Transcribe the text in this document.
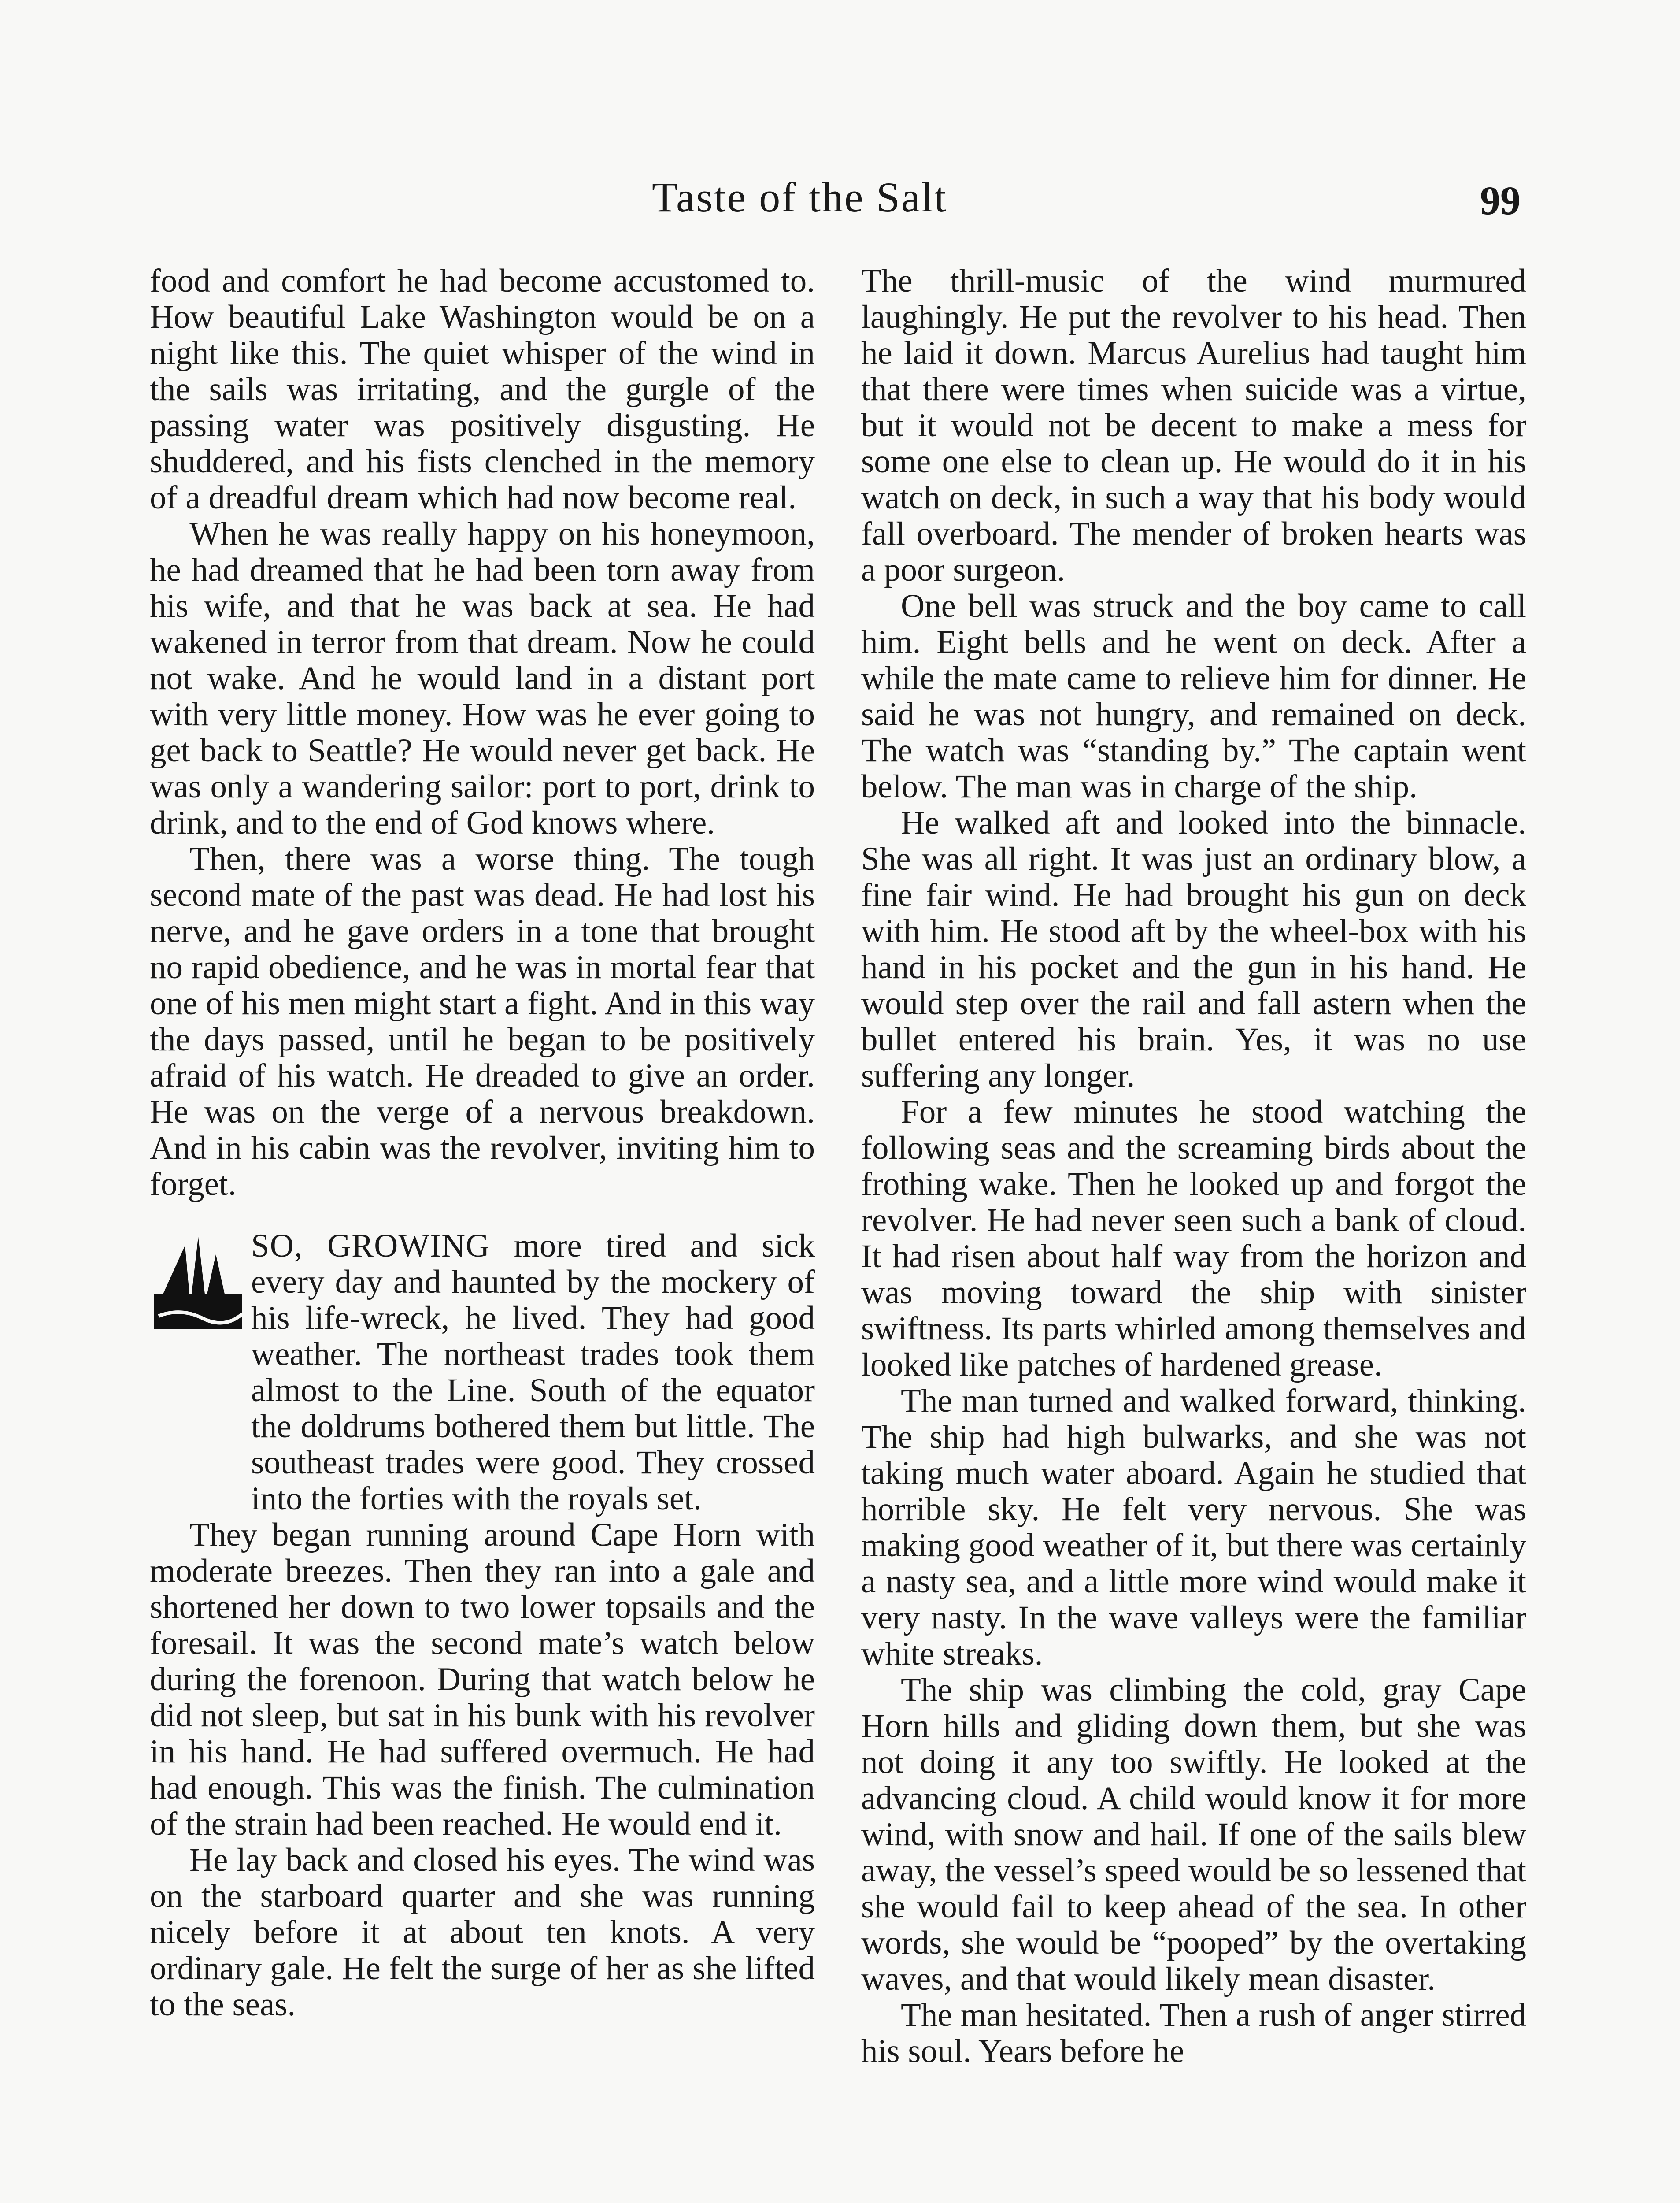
Taste of the Salt	99

food and comfort he had become accustomed to. How beautiful Lake Washington would be on a night like this. The quiet whisper of the wind in the sails was irritating, and the gurgle of the passing water was positively disgusting. He shuddered, and his fists clenched in the memory of a dreadful dream which had now become real.

When he was really happy on his honeymoon, he had dreamed that he had been torn away from his wife, and that he was back at sea. He had wakened in terror from that dream. Now he could not wake. And he would land in a distant port with very little money. How was he ever going to get back to Seattle? He would never get back. He was only a wandering sailor: port to port, drink to drink, and to the end of God knows where.

Then, there was a worse thing. The tough second mate of the past was dead. He had lost his nerve, and he gave orders in a tone that brought no rapid obedience, and he was in mortal fear that one of his men might start a fight. And in this way the days passed, until he began to be positively afraid of his watch. He dreaded to give an order. He was on the verge of a nervous breakdown. And in his cabin was the revolver, inviting him to forget.

SO, GROWING more tired and sick every day and haunted by the mockery of his life-wreck, he lived. They had good weather. The northeast trades took them almost to the Line. South of the equator the doldrums bothered them but little. The southeast trades were good. They crossed into the forties with the royals set.

They began running around Cape Horn with moderate breezes. Then they ran into a gale and shortened her down to two lower topsails and the foresail. It was the second mate’s watch below during the forenoon. During that watch below he did not sleep, but sat in his bunk with his revolver in his hand. He had suffered overmuch. He had had enough. This was the finish. The culmination of the strain had been reached. He would end it.

He lay back and closed his eyes. The wind was on the starboard quarter and she was running nicely before it at about ten knots. A very ordinary gale. He felt the surge of her as she lifted to the seas.

The thrill-music of the wind murmured laughingly. He put the revolver to his head. Then he laid it down. Marcus Aurelius had taught him that there were times when suicide was a virtue, but it would not be decent to make a mess for some one else to clean up. He would do it in his watch on deck, in such a way that his body would fall overboard. The mender of broken hearts was a poor surgeon.

One bell was struck and the boy came to call him. Eight bells and he went on deck. After a while the mate came to relieve him for dinner. He said he was not hungry, and remained on deck. The watch was “standing by.” The captain went below. The man was in charge of the ship.

He walked aft and looked into the binnacle. She was all right. It was just an ordinary blow, a fine fair wind. He had brought his gun on deck with him. He stood aft by the wheel-box with his hand in his pocket and the gun in his hand. He would step over the rail and fall astern when the bullet entered his brain. Yes, it was no use suffering any longer.

For a few minutes he stood watching the following seas and the screaming birds about the frothing wake. Then he looked up and forgot the revolver. He had never seen such a bank of cloud. It had risen about half way from the horizon and was moving toward the ship with sinister swiftness. Its parts whirled among themselves and looked like patches of hardened grease.

The man turned and walked forward, thinking. The ship had high bulwarks, and she was not taking much water aboard. Again he studied that horrible sky. He felt very nervous. She was making good weather of it, but there was certainly a nasty sea, and a little more wind would make it very nasty. In the wave valleys were the familiar white streaks.

The ship was climbing the cold, gray Cape Horn hills and gliding down them, but she was not doing it any too swiftly. He looked at the advancing cloud. A child would know it for more wind, with snow and hail. If one of the sails blew away, the vessel’s speed would be so lessened that she would fail to keep ahead of the sea. In other words, she would be “pooped” by the overtaking waves, and that would likely mean disaster.

The man hesitated. Then a rush of anger stirred his soul. Years before he
